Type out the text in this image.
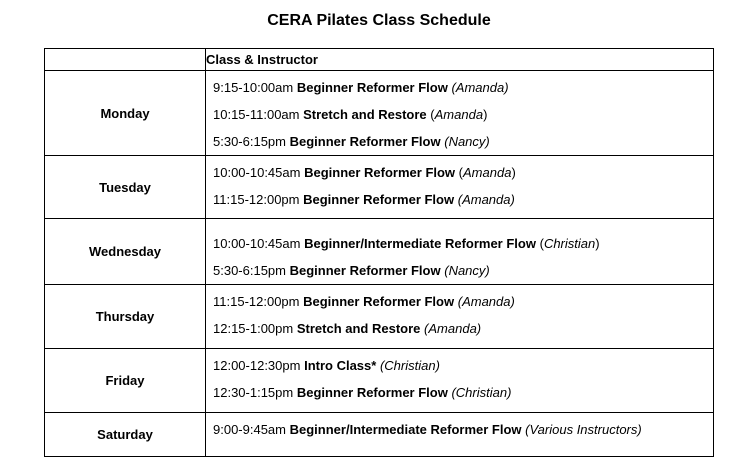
CERA Pilates Class Schedule
	Class & Instructor
Monday	9:15-10:00am Beginner Reformer Flow (Amanda)
10:15-11:00am Stretch and Restore (Amanda)
5:30-6:15pm Beginner Reformer Flow (Nancy)

Tuesday	10:00-10:45am Beginner Reformer Flow (Amanda)
11:15-12:00pm Beginner Reformer Flow (Amanda)

Wednesday	10:00-10:45am Beginner/Intermediate Reformer Flow (Christian)
5:30-6:15pm Beginner Reformer Flow (Nancy)

Thursday	11:15-12:00pm Beginner Reformer Flow (Amanda)
12:15-1:00pm Stretch and Restore (Amanda)

Friday	12:00-12:30pm Intro Class* (Christian)
12:30-1:15pm Beginner Reformer Flow (Christian)

Saturday	9:00-9:45am Beginner/Intermediate Reformer Flow (Various Instructors)
